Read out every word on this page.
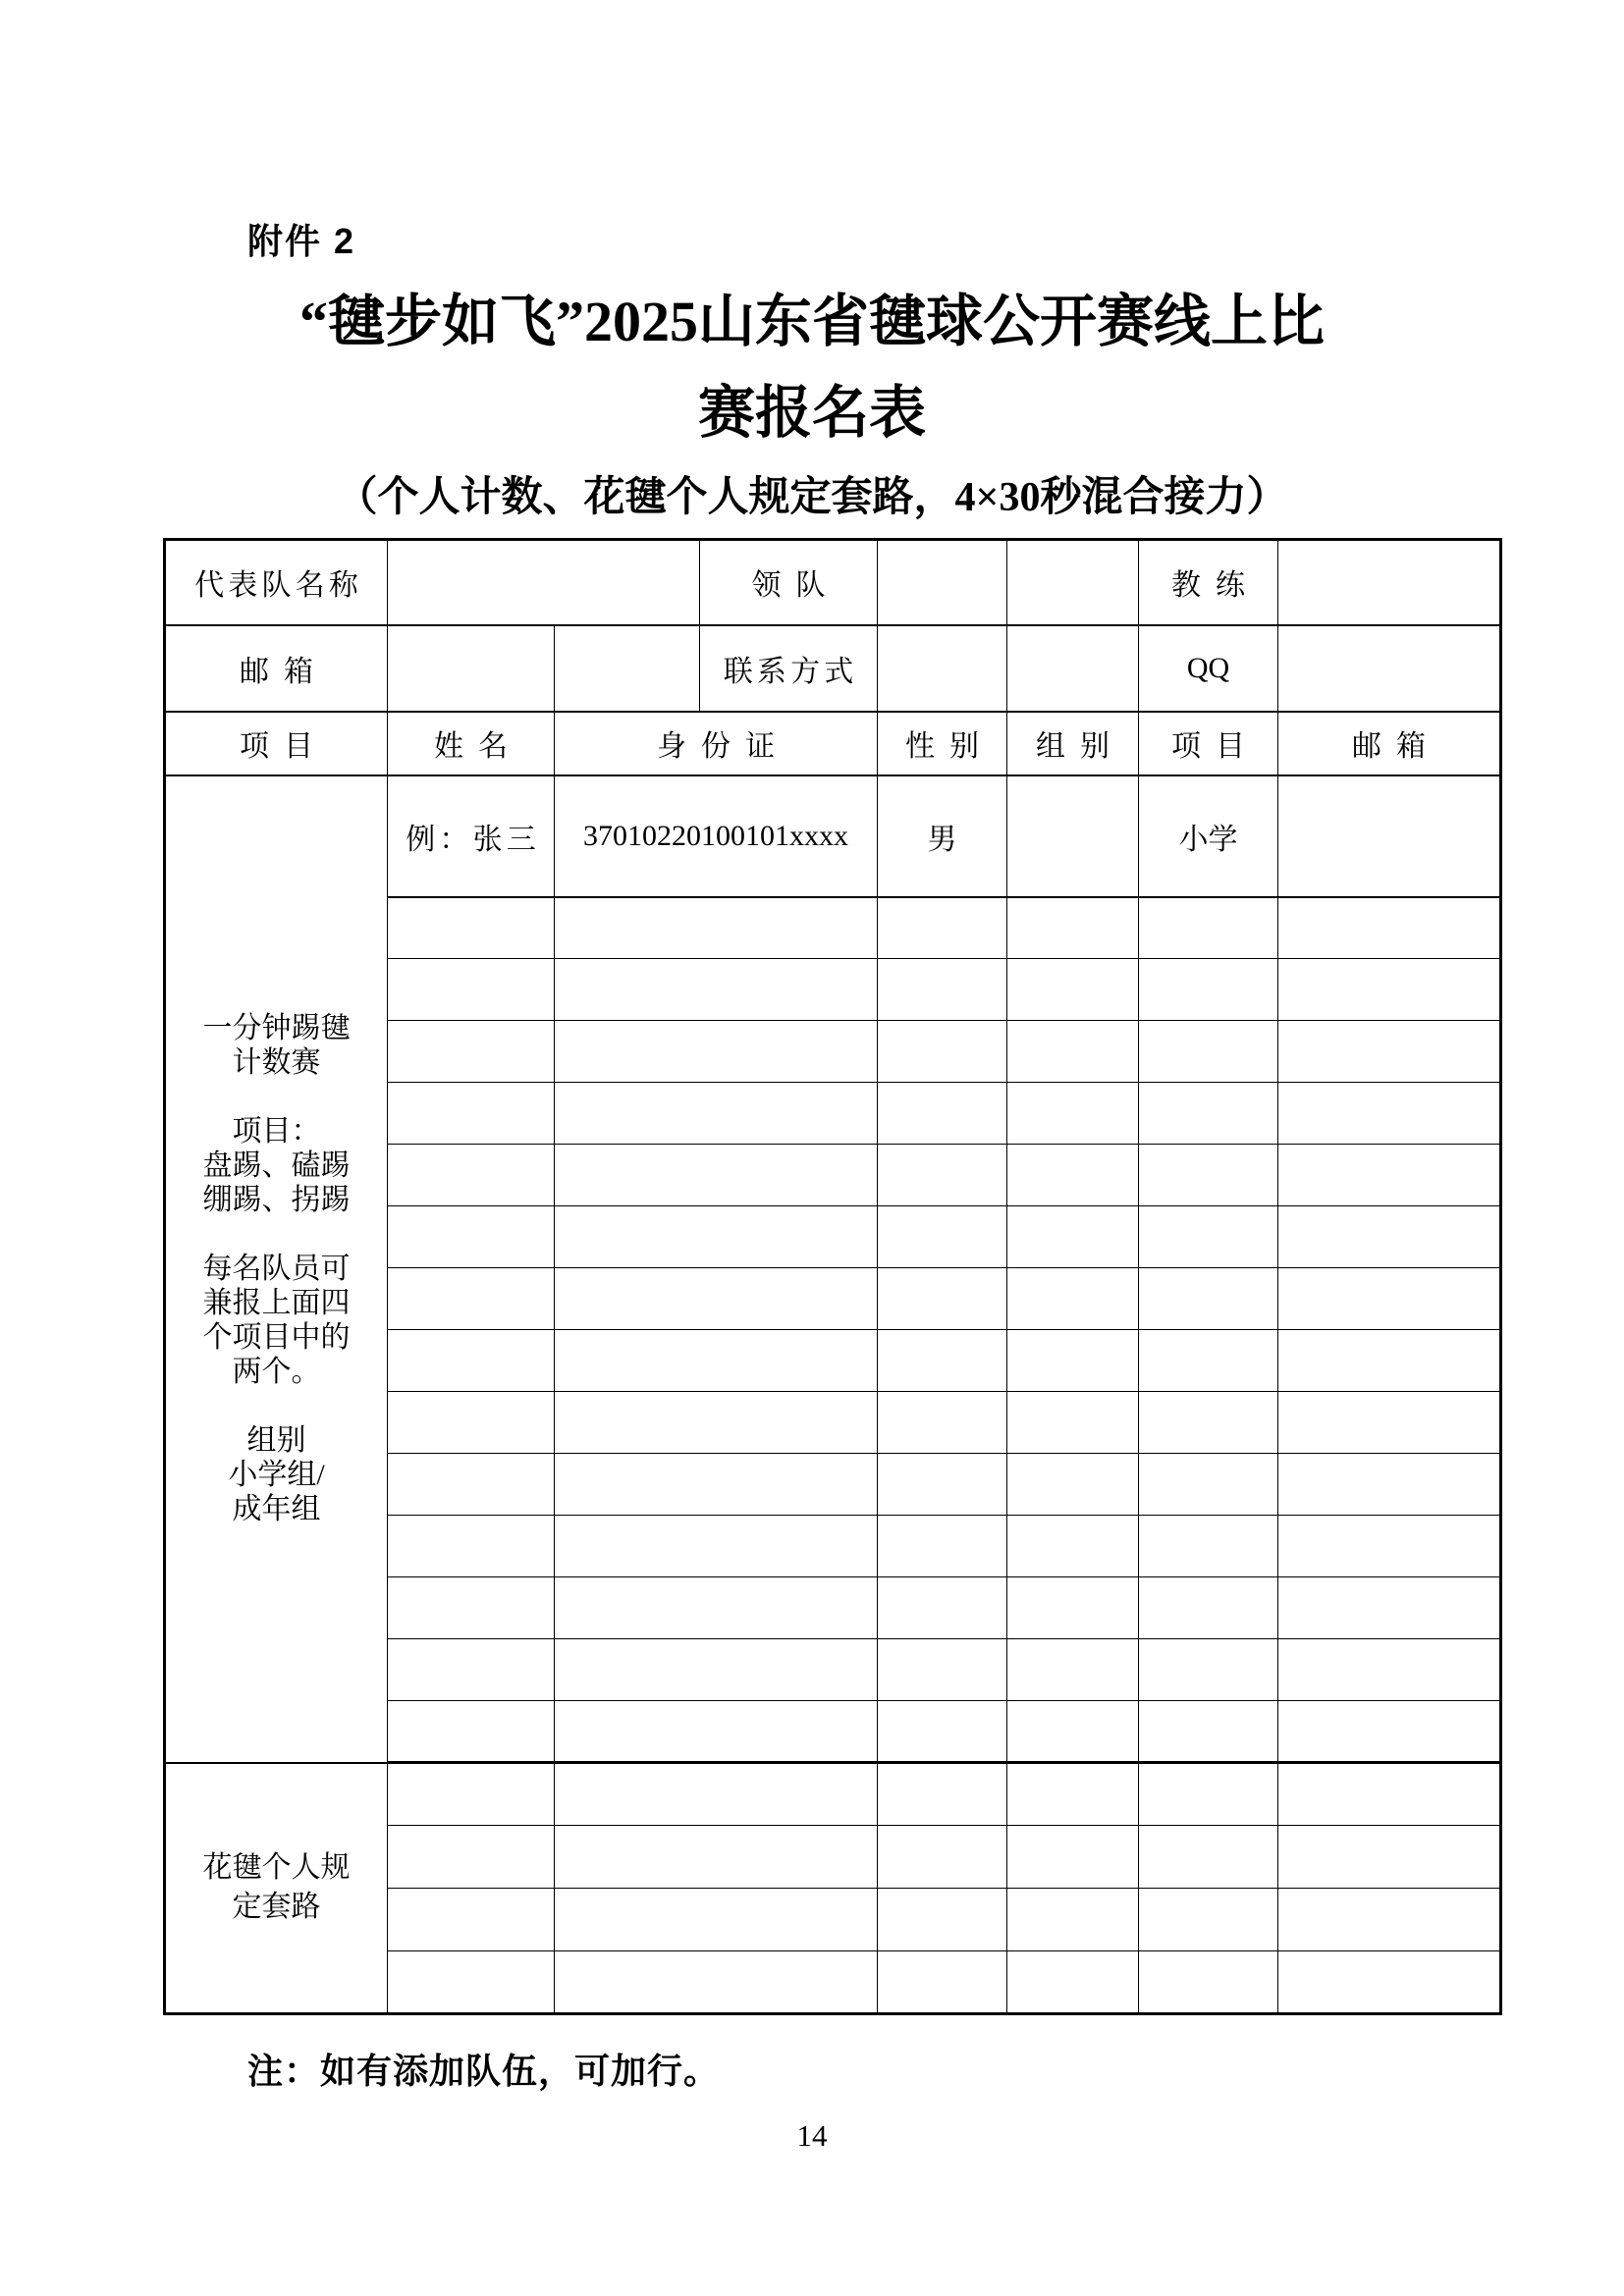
附件 2
“毽步如飞”2025山东省毽球公开赛线上比
赛报名表
（个人计数、花毽个人规定套路，4×30秒混合接力）
代表队名称			领队			教练	
邮箱			联系方式			QQ	
项目	姓名	身份证		性别	组别	项目	邮箱

一分钟踢毽
计数赛

项目：
盘踢、磕踢
绷踢、拐踢

每名队员可
兼报上面四
个项目中的
两个。

组别
小学组/
成年组
	例：张三	37010220100101xxxx	男		小学	

花毽个人规
定套路							

注：如有添加队伍，可加行。
14
